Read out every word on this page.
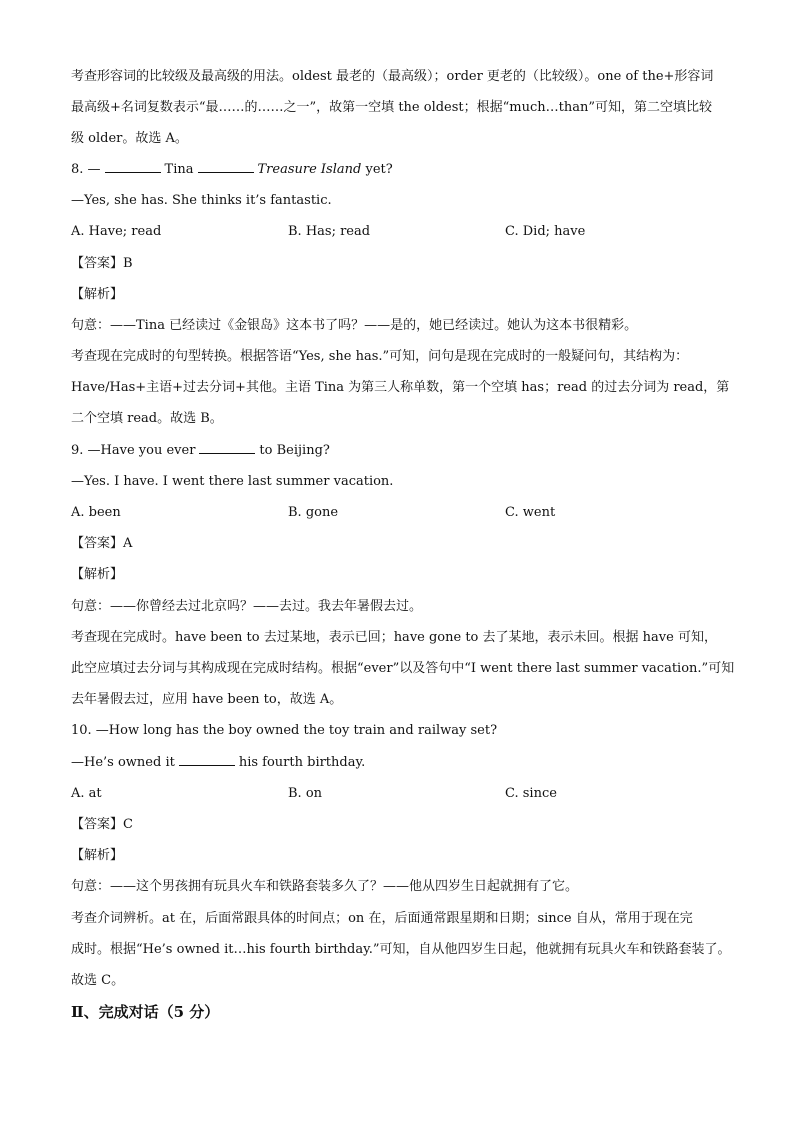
考查形容词的比较级及最高级的用法。oldest 最老的（最高级）；order 更老的（比较级）。one of the+形容词
最高级+名词复数表示“最……的……之一”，故第一空填 the oldest；根据“much…than”可知，第二空填比较
级 older。故选 A。
8. —	Tina	Treasure Island yet?
—Yes, she has. She thinks it’s fantastic.
A. Have; read	B. Has; read	C. Did; have
【答案】B
【解析】
句意：——Tina 已经读过《金银岛》这本书了吗？——是的，她已经读过。她认为这本书很精彩。
考查现在完成时的句型转换。根据答语“Yes, she has.”可知，问句是现在完成时的一般疑问句，其结构为：
Have/Has+主语+过去分词+其他。主语 Tina 为第三人称单数，第一个空填 has；read 的过去分词为 read，第
二个空填 read。故选 B。
9. —Have you ever	to Beijing?
—Yes. I have. I went there last summer vacation.
A. been	B. gone	C. went
【答案】A
【解析】
句意：——你曾经去过北京吗？——去过。我去年暑假去过。
考查现在完成时。have been to 去过某地，表示已回；have gone to 去了某地，表示未回。根据 have 可知，
此空应填过去分词与其构成现在完成时结构。根据“ever”以及答句中“I went there last summer vacation.”可知
去年暑假去过，应用 have been to，故选 A。
10. —How long has the boy owned the toy train and railway set?
—He’s owned it	his fourth birthday.
A. at	B. on	C. since
【答案】C
【解析】
句意：——这个男孩拥有玩具火车和铁路套装多久了？——他从四岁生日起就拥有了它。
考查介词辨析。at 在，后面常跟具体的时间点；on 在，后面通常跟星期和日期；since 自从，常用于现在完
成时。根据“He’s owned it…his fourth birthday.”可知，自从他四岁生日起，他就拥有玩具火车和铁路套装了。
故选 C。
Ⅱ、完成对话（5 分）
